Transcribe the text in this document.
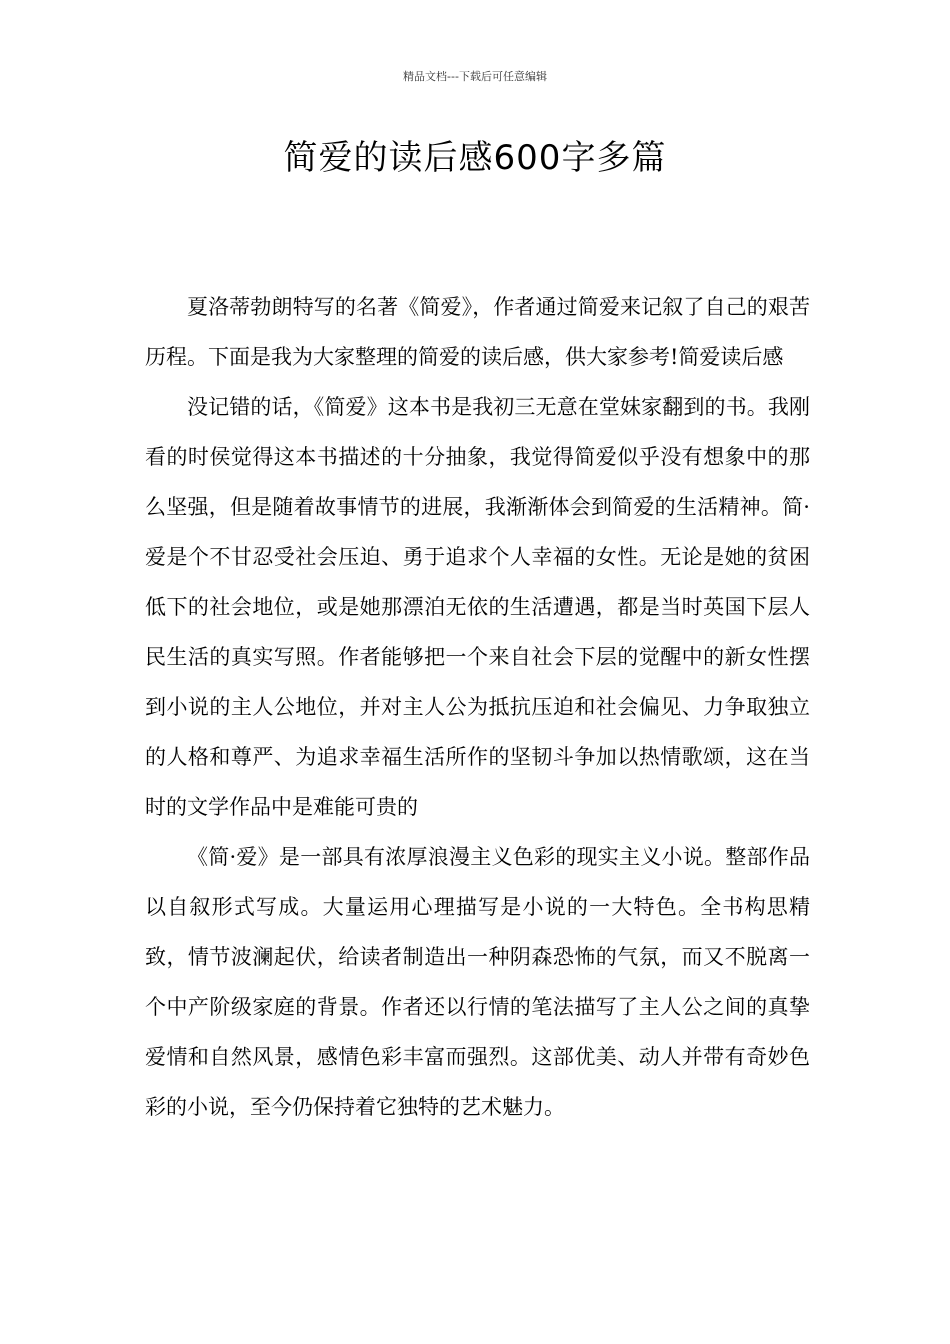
精品文档---下载后可任意编辑
简爱的读后感600字多篇

夏洛蒂勃朗特写的名著《简爱》，作者通过简爱来记叙了自己的艰苦历程。下面是我为大家整理的简爱的读后感，供大家参考!简爱读后感

没记错的话，《简爱》这本书是我初三无意在堂妹家翻到的书。我刚看的时侯觉得这本书描述的十分抽象，我觉得简爱似乎没有想象中的那么坚强，但是随着故事情节的进展，我渐渐体会到简爱的生活精神。简·爱是个不甘忍受社会压迫、勇于追求个人幸福的女性。无论是她的贫困低下的社会地位，或是她那漂泊无依的生活遭遇，都是当时英国下层人民生活的真实写照。作者能够把一个来自社会下层的觉醒中的新女性摆到小说的主人公地位，并对主人公为抵抗压迫和社会偏见、力争取独立的人格和尊严、为追求幸福生活所作的坚韧斗争加以热情歌颂，这在当时的文学作品中是难能可贵的

《简·爱》是一部具有浓厚浪漫主义色彩的现实主义小说。整部作品以自叙形式写成。大量运用心理描写是小说的一大特色。全书构思精致，情节波澜起伏，给读者制造出一种阴森恐怖的气氛，而又不脱离一个中产阶级家庭的背景。作者还以行情的笔法描写了主人公之间的真挚爱情和自然风景，感情色彩丰富而强烈。这部优美、动人并带有奇妙色彩的小说，至今仍保持着它独特的艺术魅力。
